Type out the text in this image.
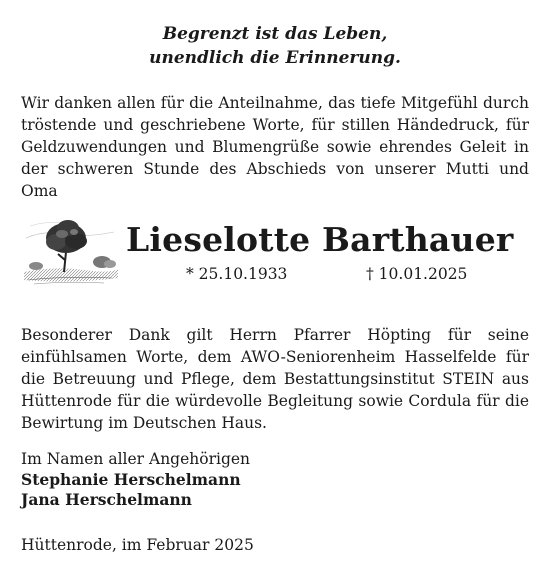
Begrenzt ist das Leben,
unendlich die Erinnerung.
Wir danken allen für die Anteilnahme, das tiefe Mitgefühl durch tröstende und geschriebene Worte, für stillen Händedruck, für Geldzuwendungen und Blumengrüße sowie ehrendes Geleit in der schweren Stunde des Abschieds von unserer Mutti und Oma
Lieselotte Barthauer
* 25.10.1933	† 10.01.2025
Besonderer Dank gilt Herrn Pfarrer Höpting für seine einfühlsamen Worte, dem AWO-Seniorenheim Hasselfelde für die Betreuung und Pflege, dem Bestattungsinstitut STEIN aus Hüttenrode für die würdevolle Begleitung sowie Cordula für die Bewirtung im Deutschen Haus.
Im Namen aller Angehörigen
Stephanie Herschelmann
Jana Herschelmann
Hüttenrode, im Februar 2025
